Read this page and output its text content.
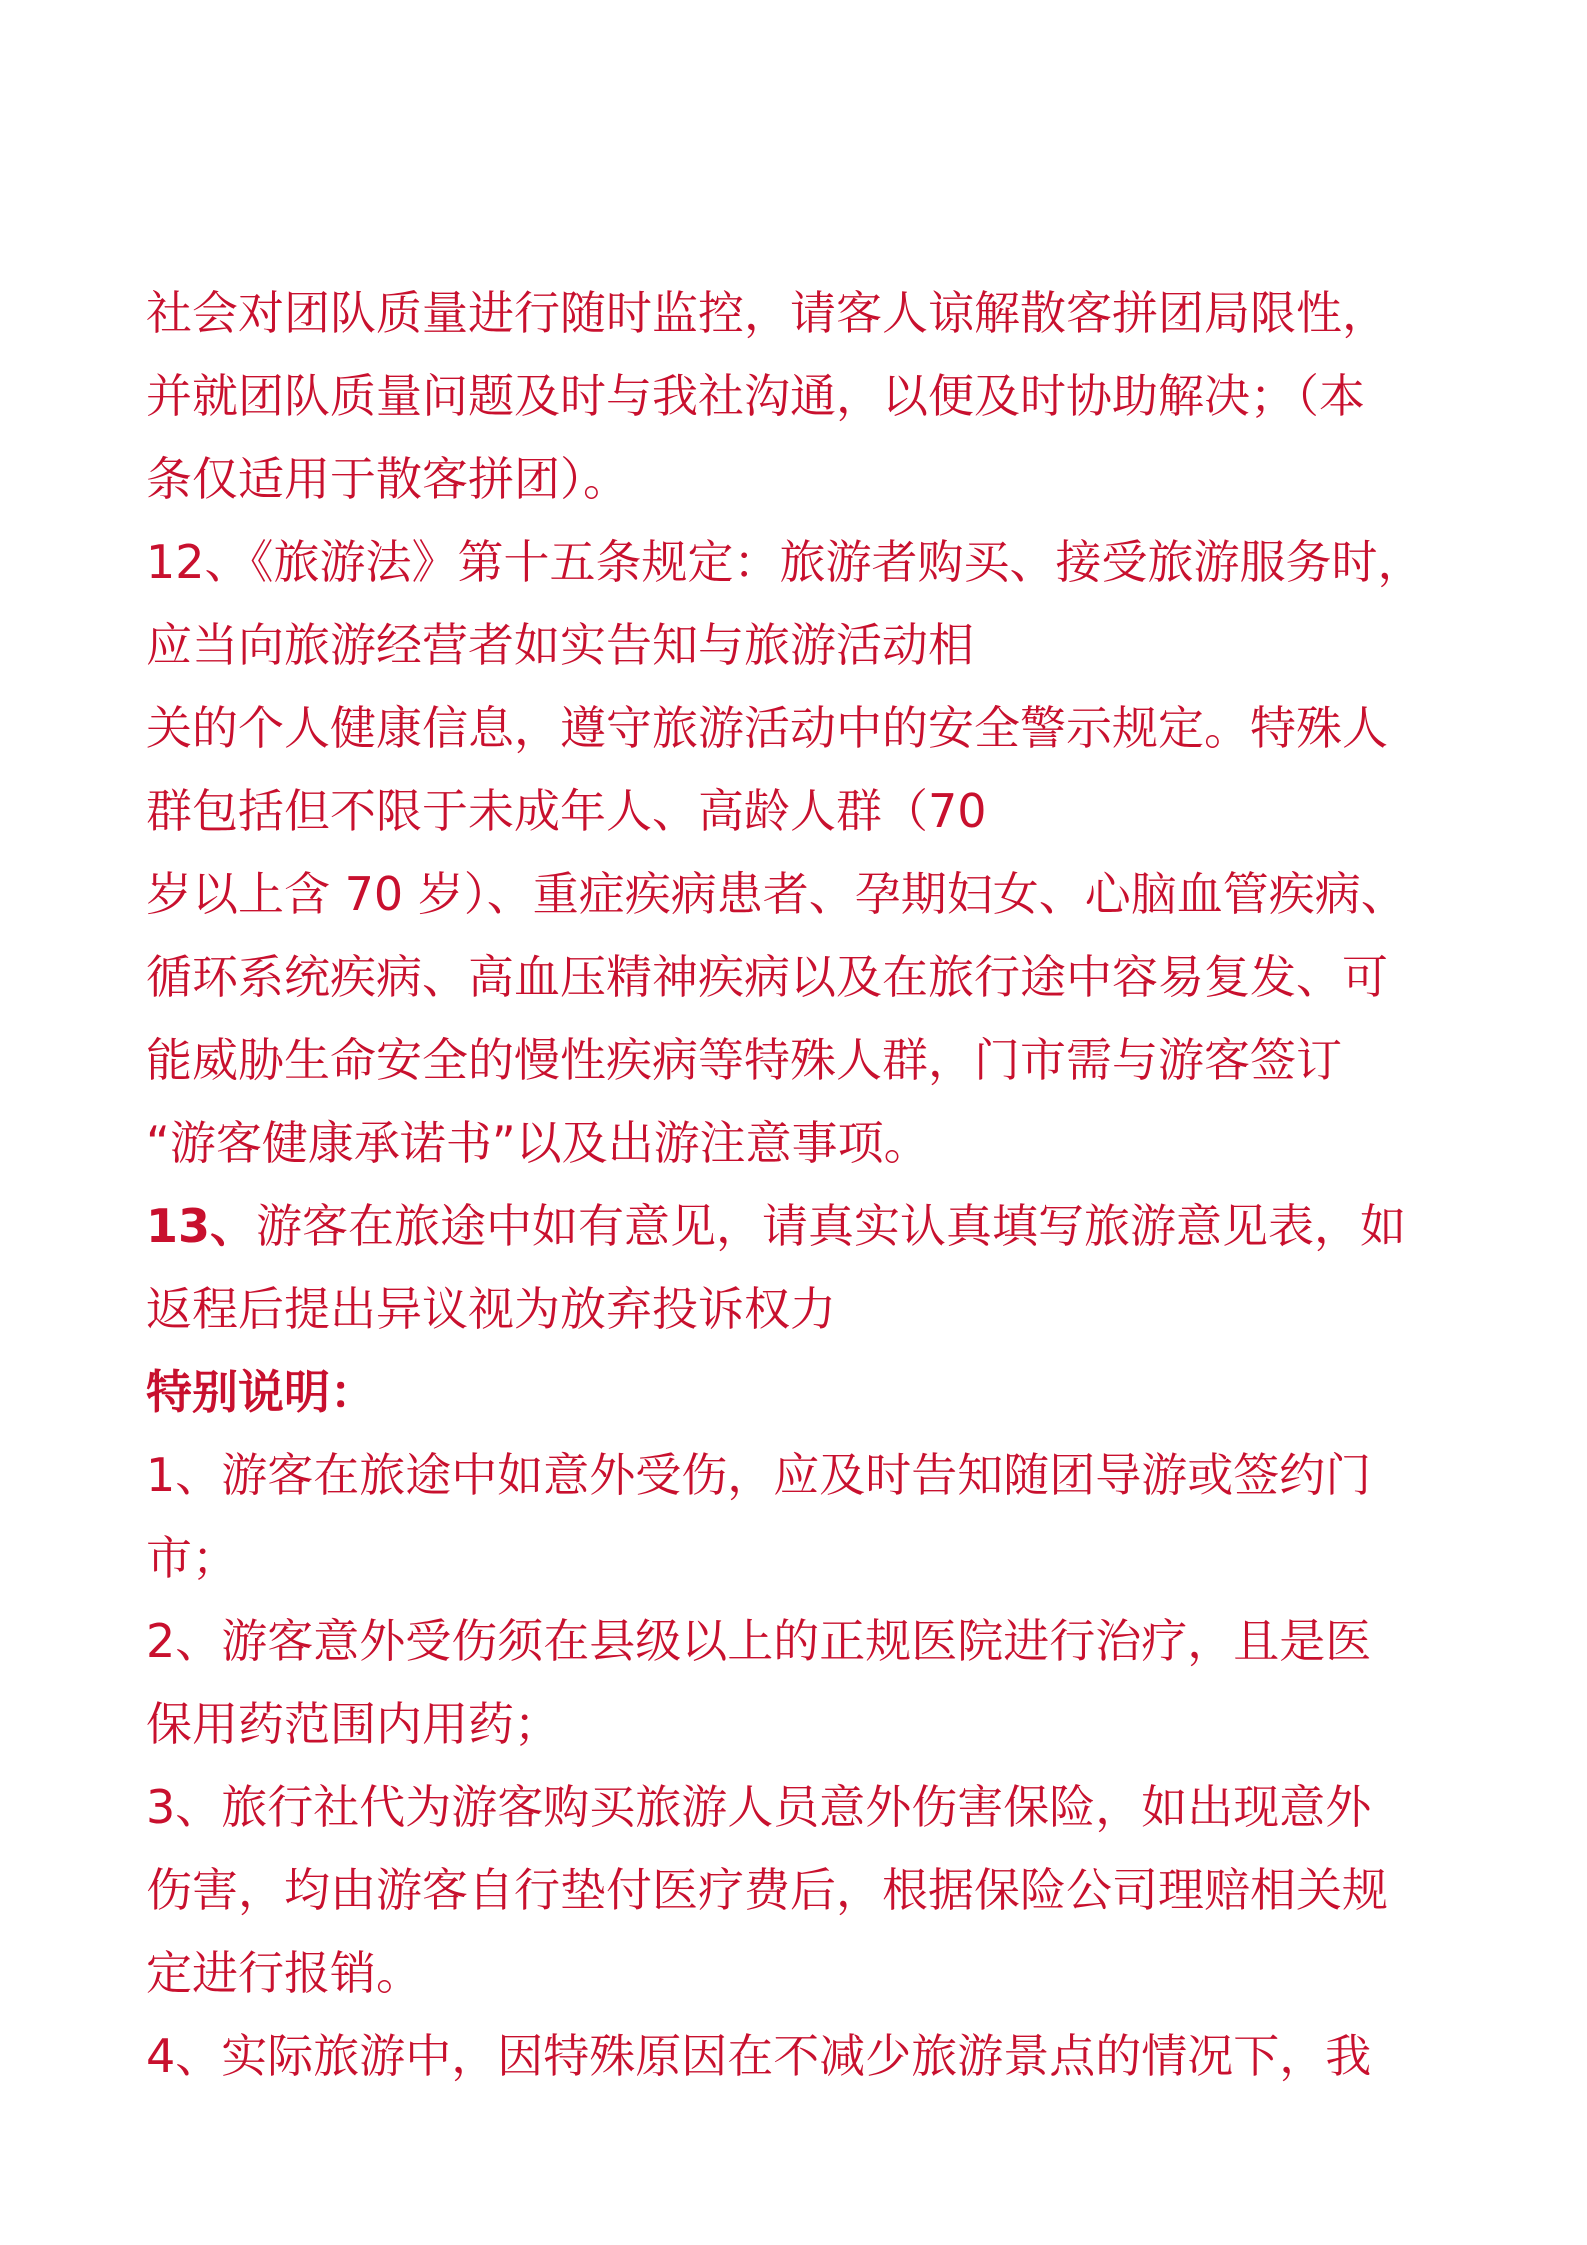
社会对团队质量进行随时监控，请客人谅解散客拼团局限性，
并就团队质量问题及时与我社沟通，以便及时协助解决；（本
条仅适用于散客拼团）。
12、《旅游法》第十五条规定：旅游者购买、接受旅游服务时，
应当向旅游经营者如实告知与旅游活动相
关的个人健康信息，遵守旅游活动中的安全警示规定。特殊人
群包括但不限于未成年人、高龄人群（70
岁以上含 70 岁）、重症疾病患者、孕期妇女、心脑血管疾病、
循环系统疾病、高血压精神疾病以及在旅行途中容易复发、可
能威胁生命安全的慢性疾病等特殊人群，门市需与游客签订
“游客健康承诺书”以及出游注意事项。
13、游客在旅途中如有意见，请真实认真填写旅游意见表，如
返程后提出异议视为放弃投诉权力
特别说明：
1、游客在旅途中如意外受伤，应及时告知随团导游或签约门
市；
2、游客意外受伤须在县级以上的正规医院进行治疗，且是医
保用药范围内用药；
3、旅行社代为游客购买旅游人员意外伤害保险，如出现意外
伤害，均由游客自行垫付医疗费后，根据保险公司理赔相关规
定进行报销。
4、实际旅游中，因特殊原因在不减少旅游景点的情况下，我
